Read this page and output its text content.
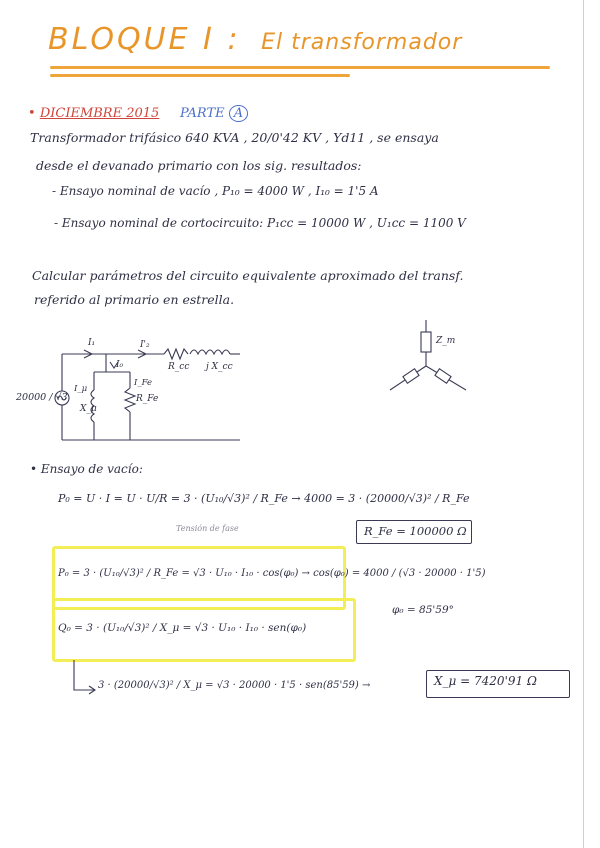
BLOQUE I : El transformador
• DICIEMBRE 2015 PARTE A
Transformador trifásico 640 KVA , 20/0'42 KV , Yd11 , se ensaya
desde el devanado primario con los sig. resultados:
- Ensayo nominal de vacío , P₁₀ = 4000 W , I₁₀ = 1'5 A
- Ensayo nominal de cortocircuito: P₁cc = 10000 W , U₁cc = 1100 V
Calcular parámetros del circuito equivalente aproximado del transf.
referido al primario en estrella.
I₁	I'₂
I₀
I_Fe
I_μ
R_Fe
X_μ
R_cc j X_cc
20000 / √3
Z_m
• Ensayo de vacío:
P₀ = U · I = U · U/R = 3 · (U₁₀/√3)² / R_Fe → 4000 = 3 · (20000/√3)² / R_Fe
Tensión de fase	R_Fe = 100000 Ω
P₀ = 3 · (U₁₀/√3)² / R_Fe = √3 · U₁₀ · I₁₀ · cos(φ₀) → cos(φ₀) = 4000 / (√3 · 20000 · 1'5)
φ₀ = 85'59°
Q₀ = 3 · (U₁₀/√3)² / X_μ = √3 · U₁₀ · I₁₀ · sen(φ₀)
3 · (20000/√3)² / X_μ = √3 · 20000 · 1'5 · sen(85'59) →	X_μ = 7420'91 Ω
